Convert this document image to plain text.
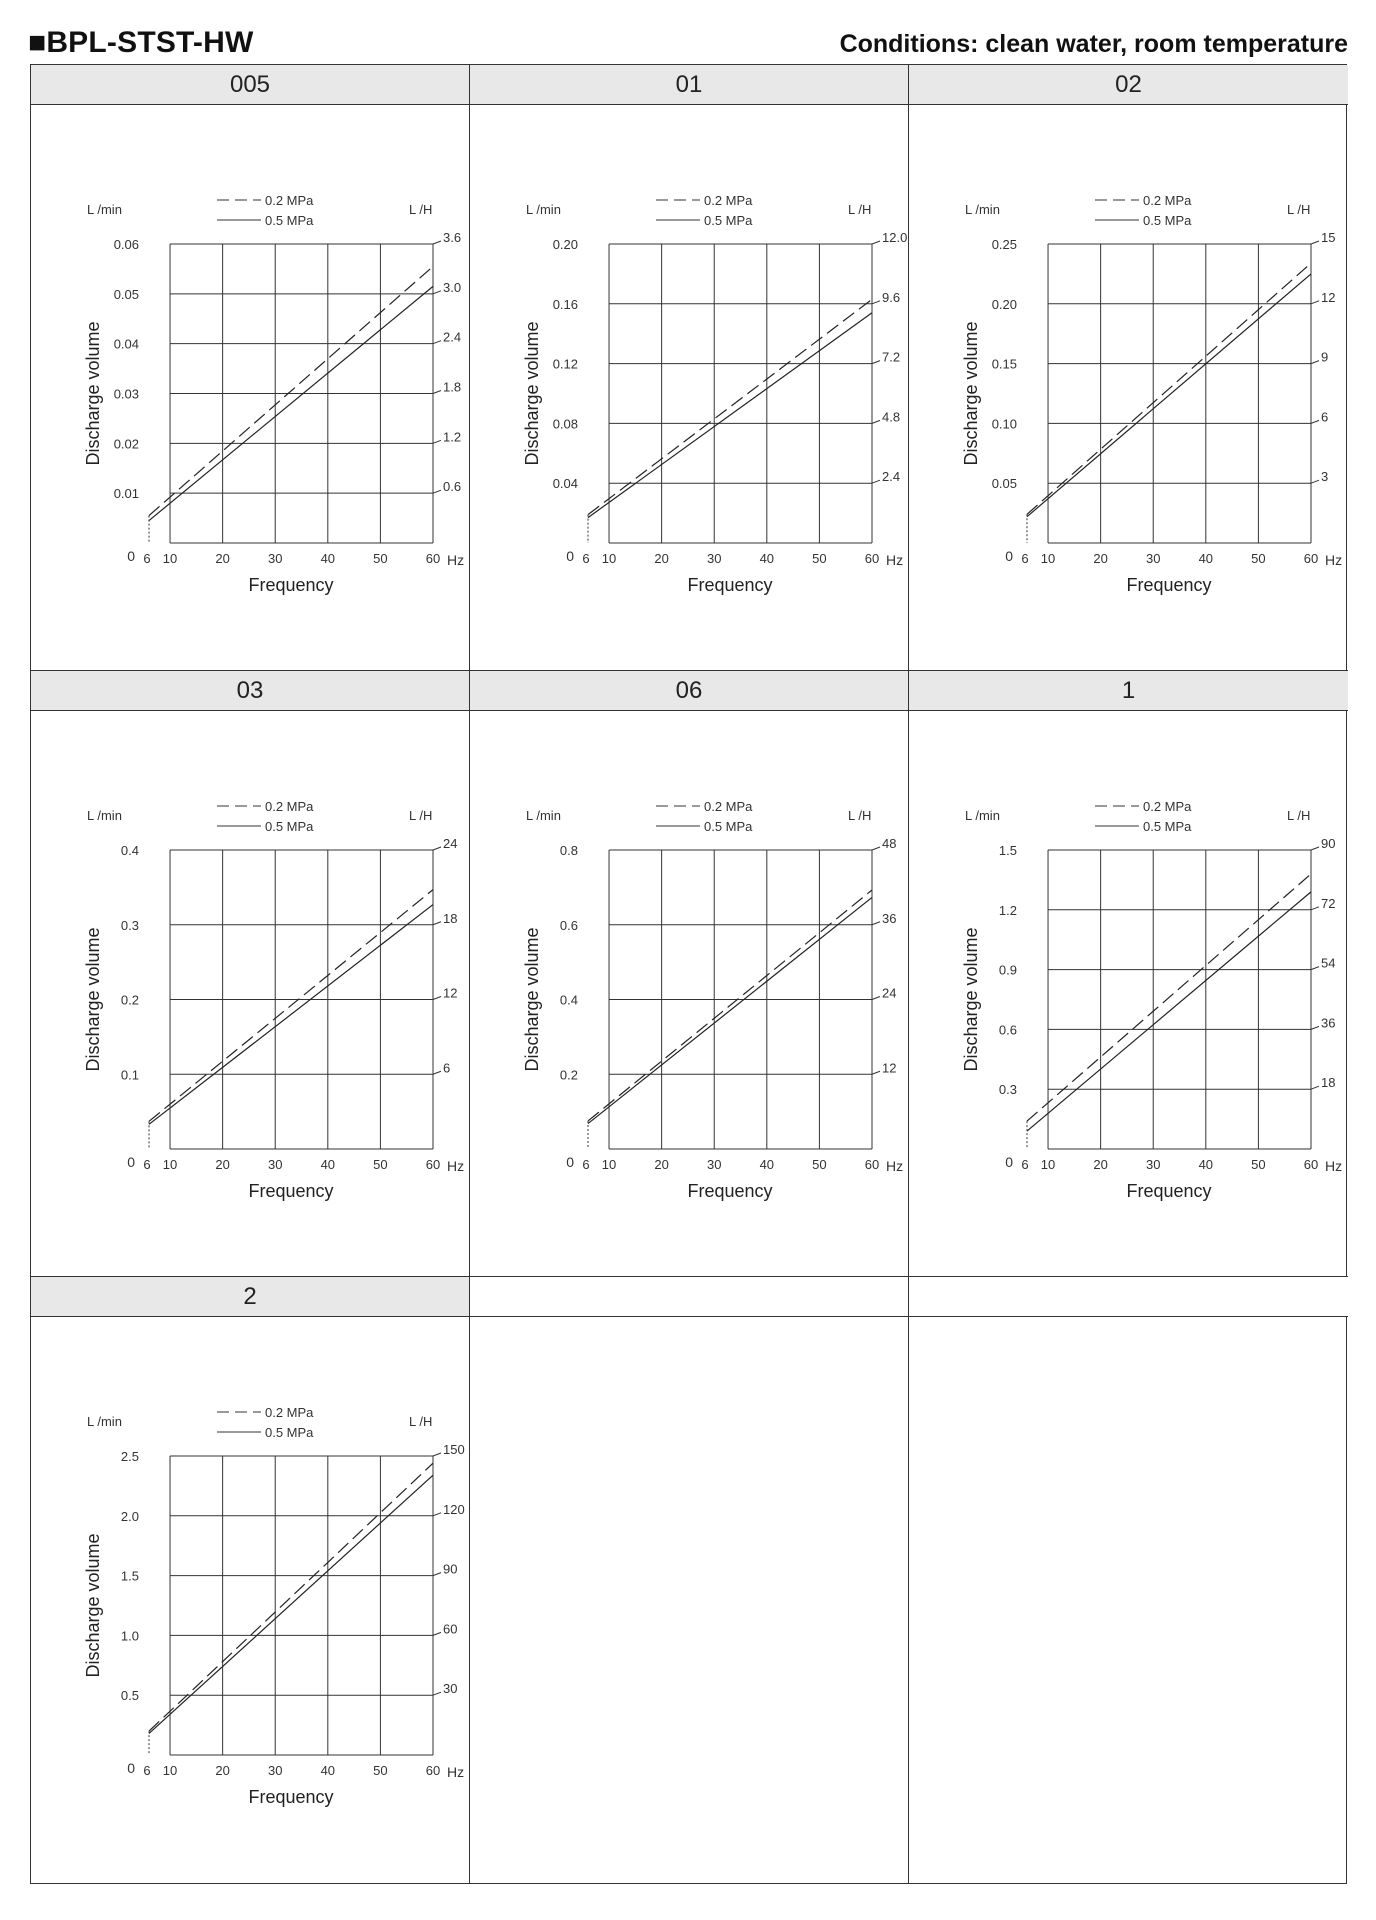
■BPL-STST-HW	Conditions: clean water, room temperature
005
0.01
0.02
0.03
0.04
0.05
0.06
0.6
1.2
1.8
2.4
3.0
3.6
6 10	20	30	40	50	60 Hz
0
Frequency
Discharge volume
L /min	L /H
0.2 MPa
0.5 MPa
01
0.04
0.08
0.12
0.16
0.20
2.4
4.8
7.2
9.6
12.0
6 10	20	30	40	50	60 Hz
0
Frequency
Discharge volume
L /min	L /H
0.2 MPa
0.5 MPa
02
0.05
0.10
0.15
0.20
0.25
3
6
9
12
15
6 10	20	30	40	50	60 Hz
0
Frequency
Discharge volume
L /min	L /H
0.2 MPa
0.5 MPa
03
0.1
0.2
0.3
0.4
6
12
18
24
6 10	20	30	40	50	60 Hz
0
Frequency
Discharge volume
L /min	L /H
0.2 MPa
0.5 MPa
06
0.2
0.4
0.6
0.8
12
24
36
48
6 10	20	30	40	50	60 Hz
0
Frequency
Discharge volume
L /min	L /H
0.2 MPa
0.5 MPa
1
0.3
0.6
0.9
1.2
1.5
18
36
54
72
90
6 10	20	30	40	50	60 Hz
0
Frequency
Discharge volume
L /min	L /H
0.2 MPa
0.5 MPa
2
0.5
1.0
1.5
2.0
2.5
30
60
90
120
150
6 10	20	30	40	50	60 Hz
0
Frequency
Discharge volume
L /min	L /H
0.2 MPa
0.5 MPa
